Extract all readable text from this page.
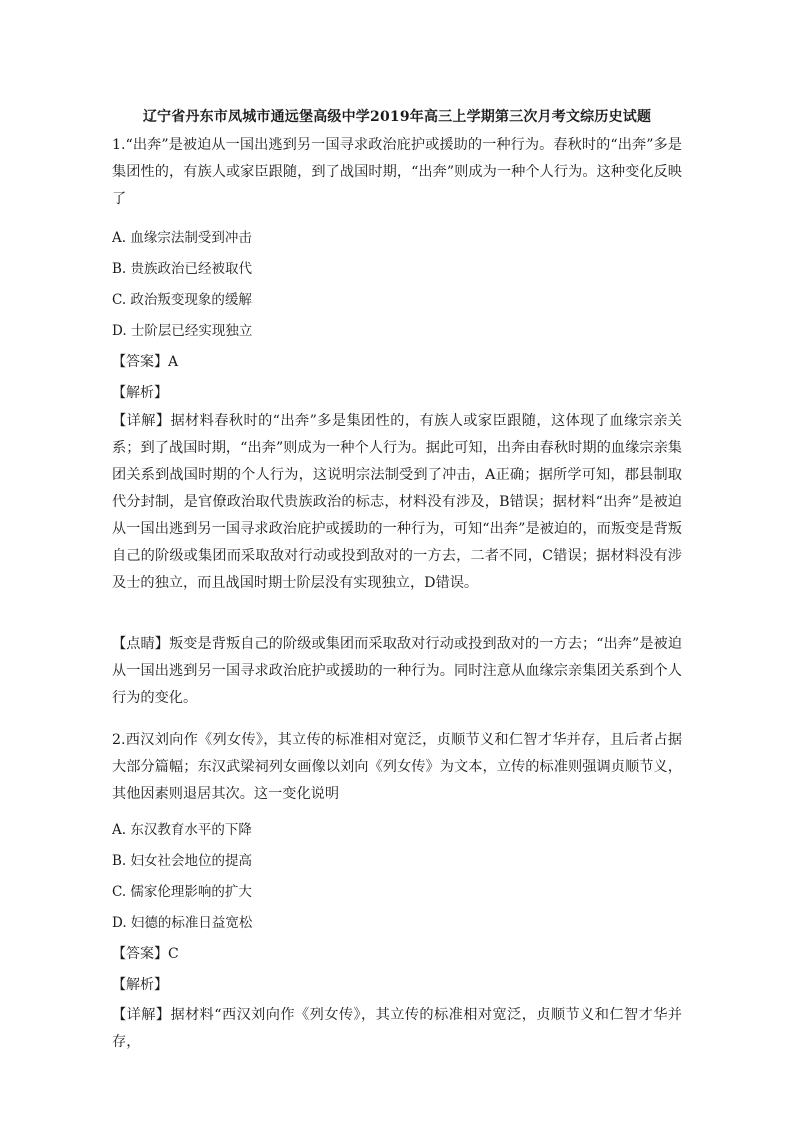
辽宁省丹东市凤城市通远堡高级中学2019年高三上学期第三次月考文综历史试题

1.“出奔”是被迫从一国出逃到另一国寻求政治庇护或援助的一种行为。春秋时的“出奔”多是集团性的，有族人或家臣跟随，到了战国时期，“出奔”则成为一种个人行为。这种变化反映了

A. 血缘宗法制受到冲击
B. 贵族政治已经被取代
C. 政治叛变现象的缓解
D. 士阶层已经实现独立
【答案】A
【解析】

【详解】据材料春秋时的“出奔”多是集团性的，有族人或家臣跟随，这体现了血缘宗亲关系；到了战国时期，“出奔”则成为一种个人行为。据此可知，出奔由春秋时期的血缘宗亲集团关系到战国时期的个人行为，这说明宗法制受到了冲击，A正确；据所学可知，郡县制取代分封制，是官僚政治取代贵族政治的标志，材料没有涉及，B错误；据材料“出奔”是被迫从一国出逃到另一国寻求政治庇护或援助的一种行为，可知“出奔”是被迫的，而叛变是背叛自己的阶级或集团而采取敌对行动或投到敌对的一方去，二者不同，C错误；据材料没有涉及士的独立，而且战国时期士阶层没有实现独立，D错误。

【点睛】叛变是背叛自己的阶级或集团而采取敌对行动或投到敌对的一方去；“出奔”是被迫从一国出逃到另一国寻求政治庇护或援助的一种行为。同时注意从血缘宗亲集团关系到个人行为的变化。

2.西汉刘向作《列女传》，其立传的标准相对宽泛，贞顺节义和仁智才华并存，且后者占据大部分篇幅；东汉武梁祠列女画像以刘向《列女传》为文本，立传的标准则强调贞顺节义，其他因素则退居其次。这一变化说明

A. 东汉教育水平的下降
B. 妇女社会地位的提高
C. 儒家伦理影响的扩大
D. 妇德的标准日益宽松
【答案】C
【解析】

【详解】据材料“西汉刘向作《列女传》，其立传的标准相对宽泛，贞顺节义和仁智才华并存，
